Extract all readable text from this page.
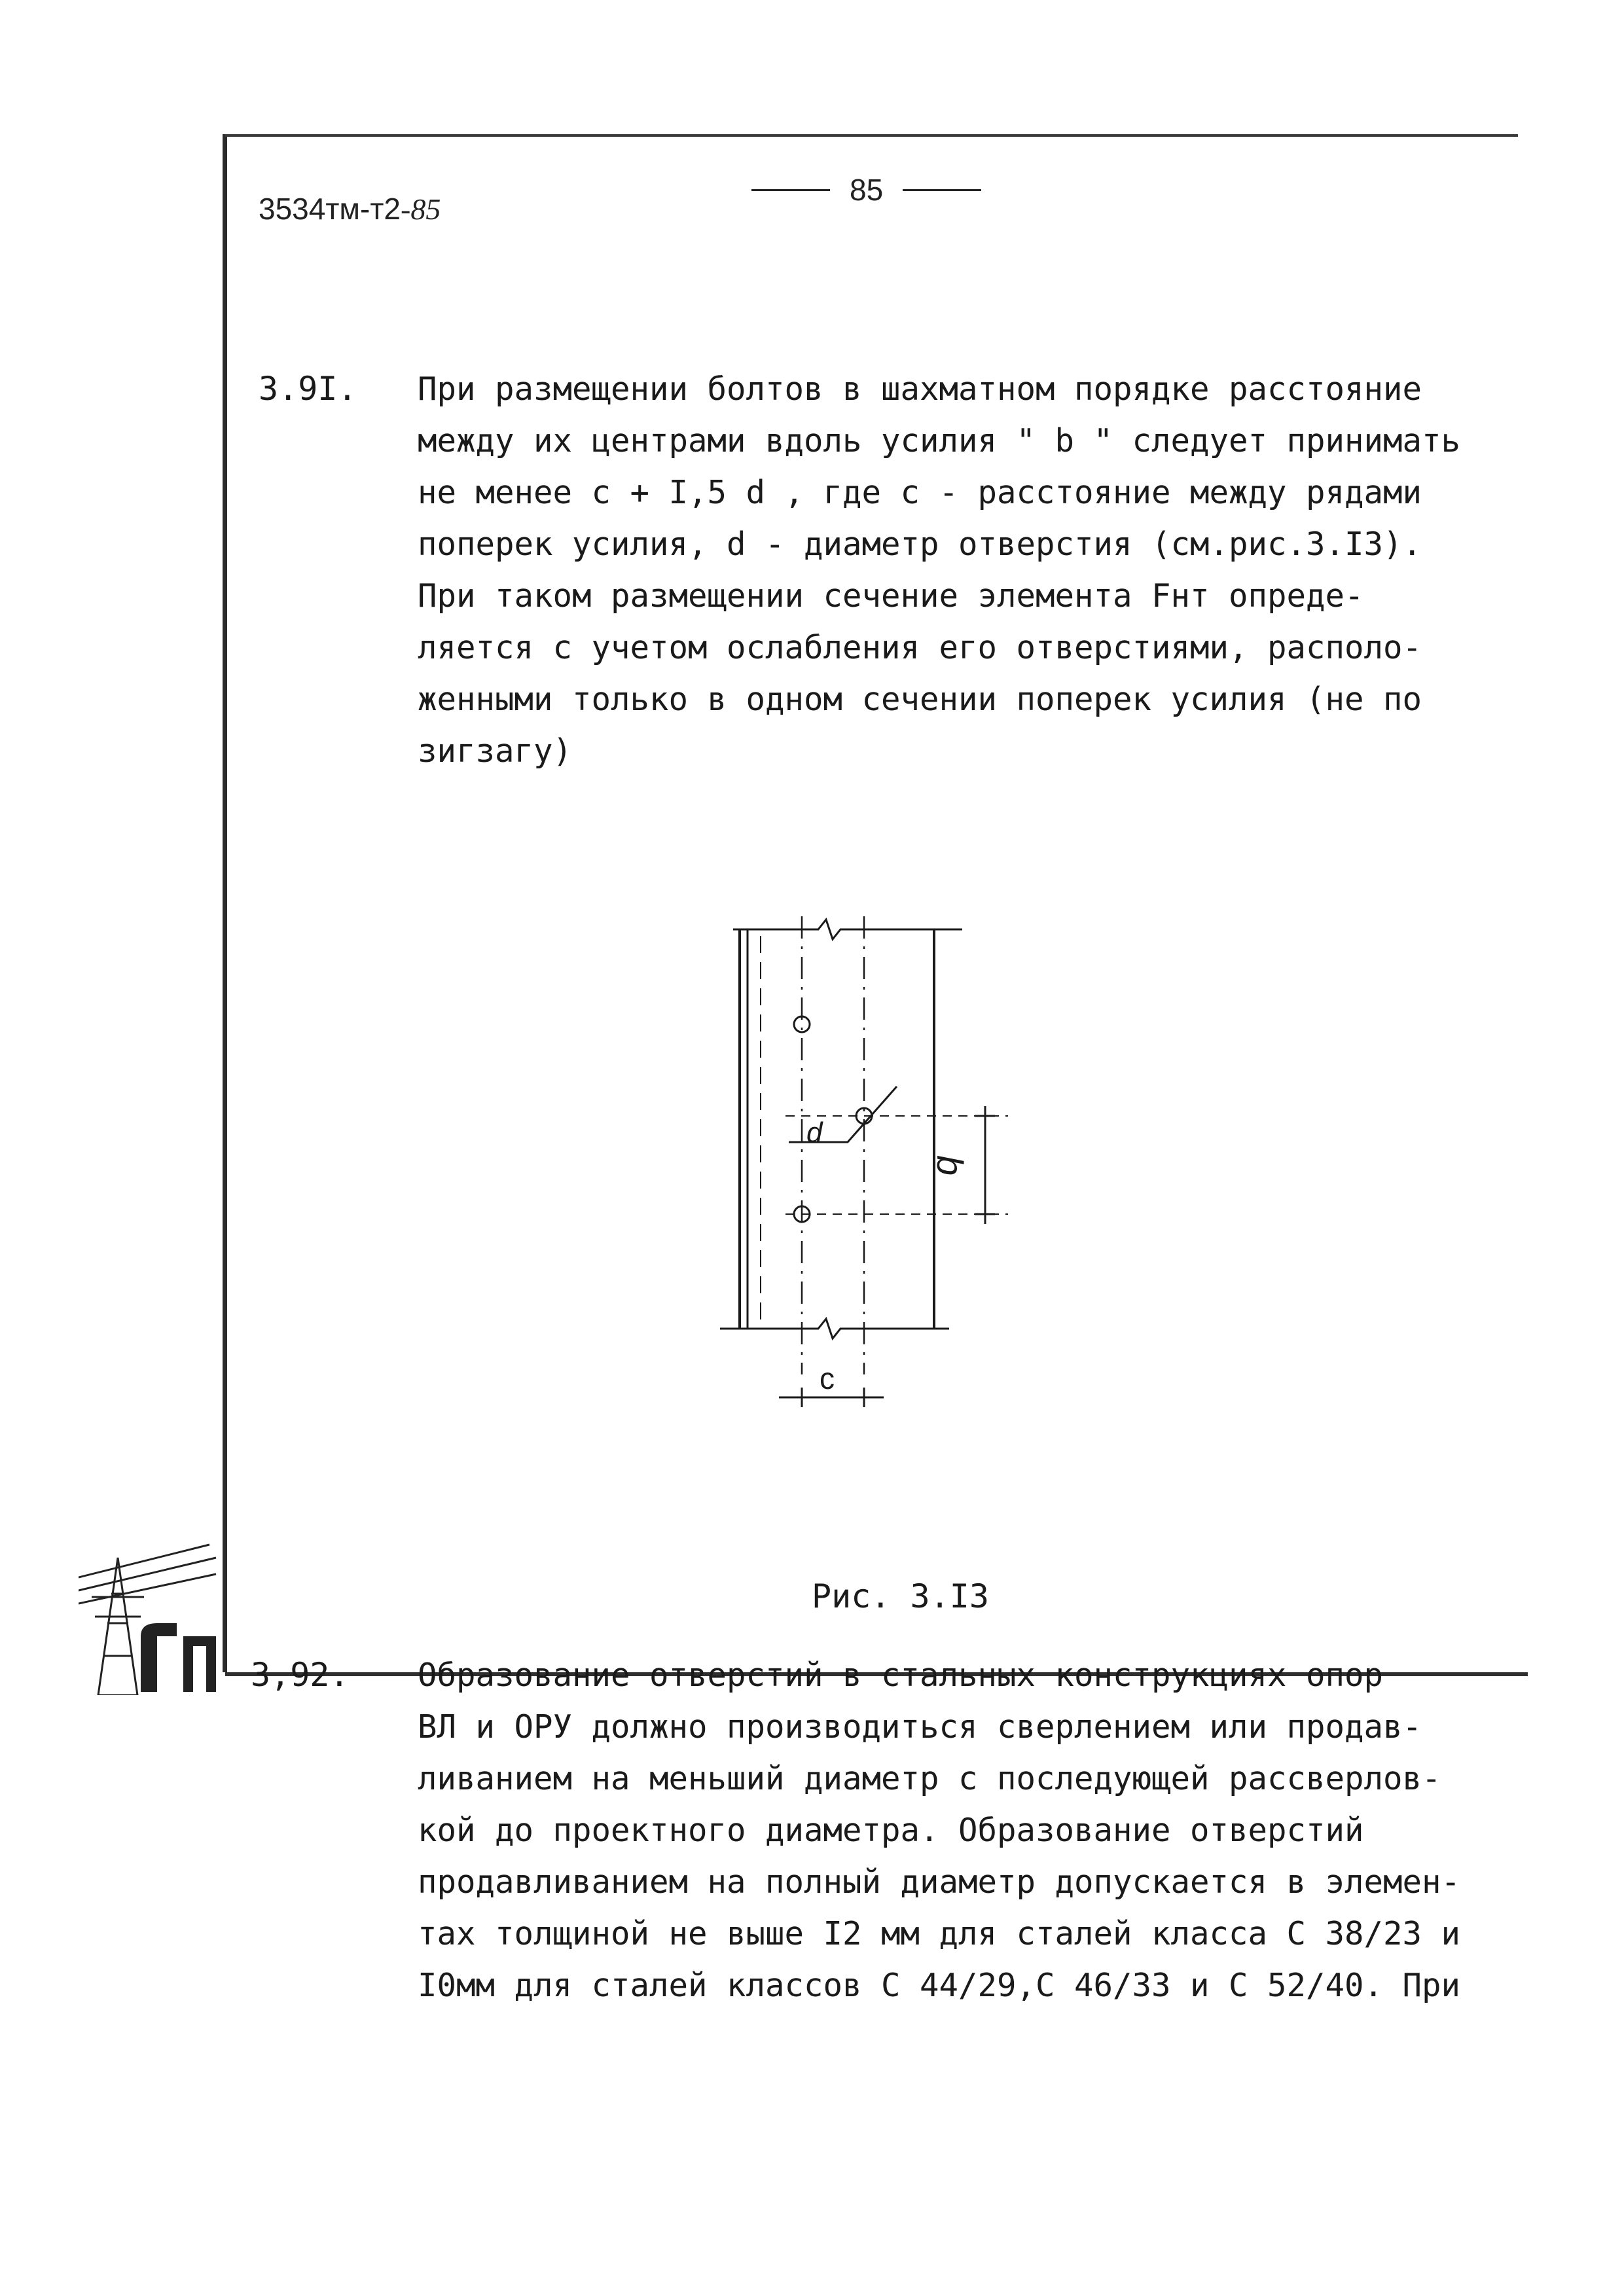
3534тм-т2-85
85
3.9I. При размещении болтов в шахматном порядке расстояние
между их центрами вдоль усилия " b " следует принимать
не менее с + I,5 d , где с - расстояние между рядами
поперек усилия, d - диаметр отверстия (см.рис.3.I3).
При таком размещении сечение элемента Fнт опреде-
ляется с учетом ослабления его отверстиями, располо-
женными только в одном сечении поперек усилия (не по
зигзагу)
d
b
с
Рис. 3.I3
3,92. Образование отверстий в стальных конструкциях опор
ВЛ и ОРУ должно производиться сверлением или продав-
ливанием на меньший диаметр с последующей рассверлов-
кой до проектного диаметра. Образование отверстий
продавливанием на полный диаметр допускается в элемен-
тах толщиной не выше I2 мм для сталей класса С 38/23 и
I0мм для сталей классов С 44/29,С 46/33 и С 52/40. При
